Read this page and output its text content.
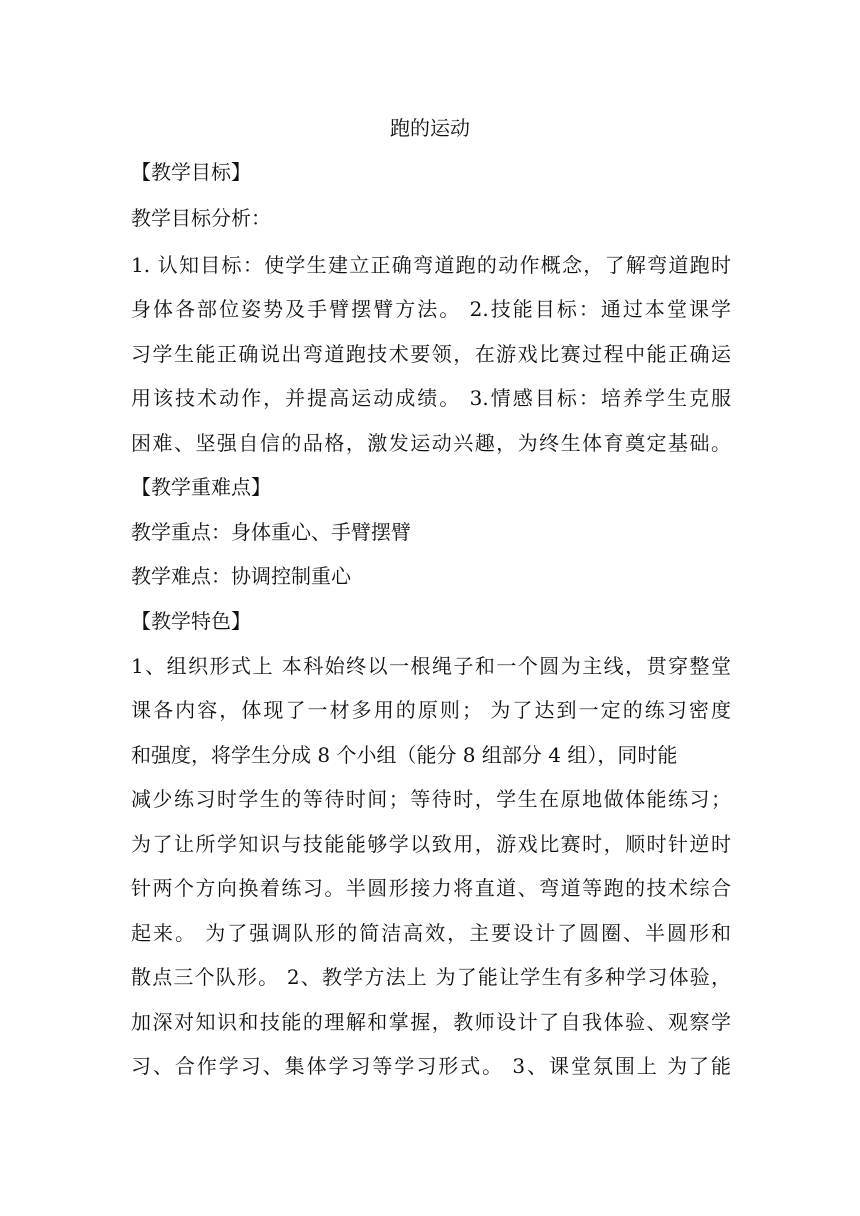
跑的运动
【教学目标】
教学目标分析：
1. 认知目标：使学生建立正确弯道跑的动作概念，了解弯道跑时
身体各部位姿势及手臂摆臂方法。 2.技能目标：通过本堂课学
习学生能正确说出弯道跑技术要领，在游戏比赛过程中能正确运
用该技术动作，并提高运动成绩。 3.情感目标：培养学生克服
困难、坚强自信的品格，激发运动兴趣，为终生体育奠定基础。
【教学重难点】
教学重点：身体重心、手臂摆臂
教学难点：协调控制重心
【教学特色】
1、组织形式上 本科始终以一根绳子和一个圆为主线，贯穿整堂
课各内容，体现了一材多用的原则； 为了达到一定的练习密度
和强度，将学生分成 8 个小组（能分 8 组部分 4 组），同时能
减少练习时学生的等待时间；等待时，学生在原地做体能练习；
为了让所学知识与技能能够学以致用，游戏比赛时，顺时针逆时
针两个方向换着练习。半圆形接力将直道、弯道等跑的技术综合
起来。 为了强调队形的简洁高效，主要设计了圆圈、半圆形和
散点三个队形。 2、教学方法上 为了能让学生有多种学习体验，
加深对知识和技能的理解和掌握，教师设计了自我体验、观察学
习、合作学习、集体学习等学习形式。 3、课堂氛围上 为了能
